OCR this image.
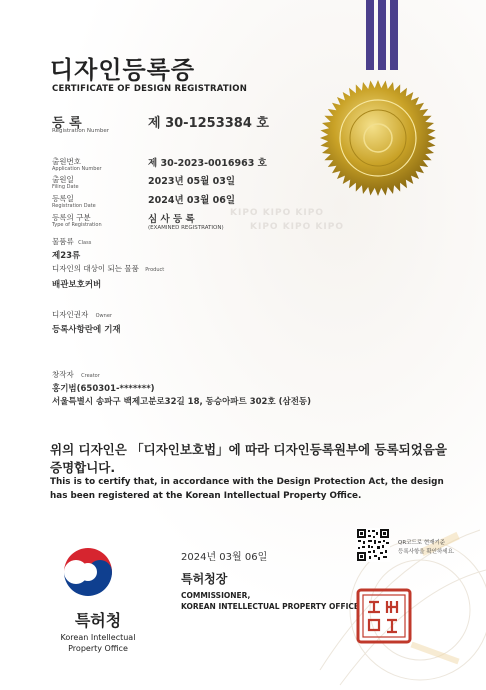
KIPO KIPO KIPO
KIPO KIPO KIPO
디자인등록증
CERTIFICATE OF DESIGN REGISTRATION
등 록
Registration Number	제 30-1253384 호
출원번호
Application Number	제 30-2023-0016963 호
출원일
Filing Date	2023년 05월 03일
등록일
Registration Date	2024년 03월 06일
등록의 구분
Type of Registration	심 사 등 록
(EXAMINED REGISTRATION)
물품류 Class
제23류
디자인의 대상이 되는 물품 Product
배관보호커버
디자인권자 Owner
등록사항란에 기재
창작자 Creator
홍기범(650301-*******)
서울특별시 송파구 백제고분로32길 18, 동승아파트 302호 (삼전동)
위의 디자인은 「디자인보호법」에 따라 디자인등록원부에 등록되었음을
증명합니다.
This is to certify that, in accordance with the Design Protection Act, the design
has been registered at the Korean Intellectual Property Office.
2024년 03월 06일
특허청장
COMMISSIONER,
KOREAN INTELLECTUAL PROPERTY OFFICE
QR코드로 현재기준
등록사항을 확인하세요.
특허청
Korean Intellectual
Property Office
